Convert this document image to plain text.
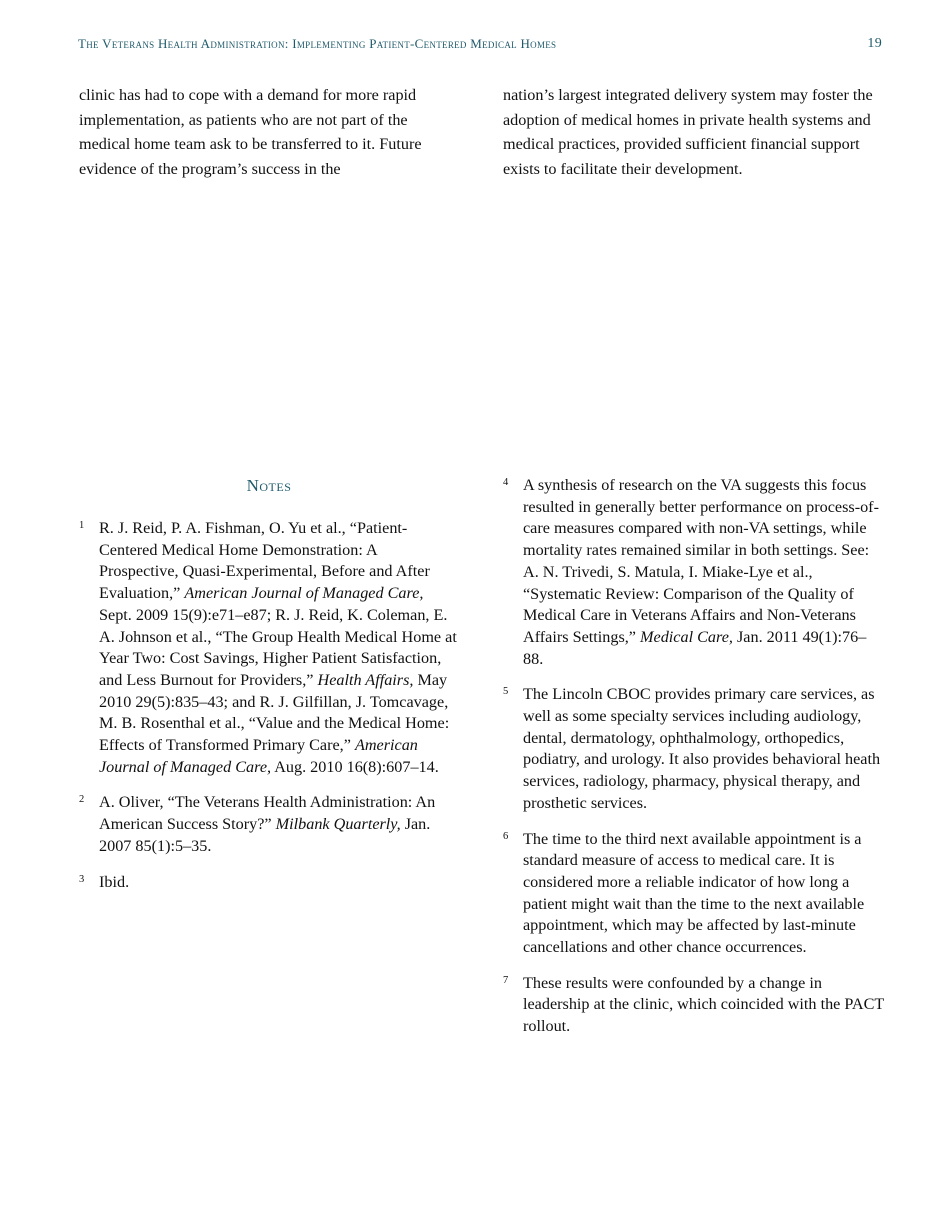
The Veterans Health Administration: Implementing Patient-Centered Medical Homes	19

clinic has had to cope with a demand for more rapid implementation, as patients who are not part of the medical home team ask to be transferred to it. Future evidence of the program’s success in the

nation’s largest integrated delivery system may foster the adoption of medical homes in private health systems and medical practices, provided sufficient financial support exists to facilitate their development.

Notes
1 R. J. Reid, P. A. Fishman, O. Yu et al., “Patient-Centered Medical Home Demonstration: A Prospective, Quasi-Experimental, Before and After Evaluation,” American Journal of Managed Care, Sept. 2009 15(9):e71–e87; R. J. Reid, K. Coleman, E. A. Johnson et al., “The Group Health Medical Home at Year Two: Cost Savings, Higher Patient Satisfaction, and Less Burnout for Providers,” Health Affairs, May 2010 29(5):835–43; and R. J. Gilfillan, J. Tomcavage, M. B. Rosenthal et al., “Value and the Medical Home: Effects of Transformed Primary Care,” American Journal of Managed Care, Aug. 2010 16(8):607–14.
2 A. Oliver, “The Veterans Health Administration: An American Success Story?” Milbank Quarterly, Jan. 2007 85(1):5–35.
3 Ibid.
4 A synthesis of research on the VA suggests this focus resulted in generally better performance on process-of-care measures compared with non-VA settings, while mortality rates remained similar in both settings. See: A. N. Trivedi, S. Matula, I. Miake-Lye et al., “Systematic Review: Comparison of the Quality of Medical Care in Veterans Affairs and Non-Veterans Affairs Settings,” Medical Care, Jan. 2011 49(1):76–88.
5 The Lincoln CBOC provides primary care services, as well as some specialty services including audiology, dental, dermatology, ophthalmology, orthopedics, podiatry, and urology. It also provides behavioral heath services, radiology, pharmacy, physical therapy, and prosthetic services.
6 The time to the third next available appointment is a standard measure of access to medical care. It is considered more a reliable indicator of how long a patient might wait than the time to the next available appointment, which may be affected by last-minute cancellations and other chance occurrences.
7 These results were confounded by a change in leadership at the clinic, which coincided with the PACT rollout.
